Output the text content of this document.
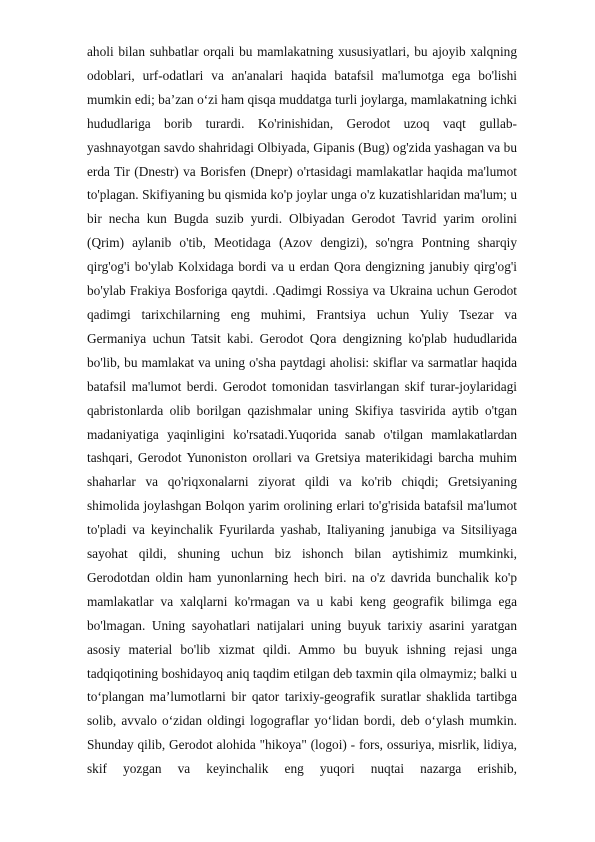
aholi bilan suhbatlar orqali bu mamlakatning xususiyatlari, bu ajoyib xalqning odoblari, urf-odatlari va an'analari haqida batafsil ma'lumotga ega bo'lishi mumkin edi; ba’zan o‘zi ham qisqa muddatga turli joylarga, mamlakatning ichki hududlariga borib turardi. Ko'rinishidan, Gerodot uzoq vaqt gullab-yashnayotgan savdo shahridagi Olbiyada, Gipanis (Bug) og'zida yashagan va bu erda Tir (Dnestr) va Borisfen (Dnepr) o'rtasidagi mamlakatlar haqida ma'lumot to'plagan. Skifiyaning bu qismida ko'p joylar unga o'z kuzatishlaridan ma'lum; u bir necha kun Bugda suzib yurdi. Olbiyadan Gerodot Tavrid yarim orolini (Qrim) aylanib o'tib, Meotidaga (Azov dengizi), so'ngra Pontning sharqiy qirg'og'i bo'ylab Kolxidaga bordi va u erdan Qora dengizning janubiy qirg'og'i bo'ylab Frakiya Bosforiga qaytdi. .Qadimgi Rossiya va Ukraina uchun Gerodot qadimgi tarixchilarning eng muhimi, Frantsiya uchun Yuliy Tsezar va Germaniya uchun Tatsit kabi. Gerodot Qora dengizning ko'plab hududlarida bo'lib, bu mamlakat va uning o'sha paytdagi aholisi: skiflar va sarmatlar haqida batafsil ma'lumot berdi. Gerodot tomonidan tasvirlangan skif turar-joylaridagi qabristonlarda olib borilgan qazishmalar uning Skifiya tasvirida aytib o'tgan madaniyatiga yaqinligini ko'rsatadi.Yuqorida sanab o'tilgan mamlakatlardan tashqari, Gerodot Yunoniston orollari va Gretsiya materikidagi barcha muhim shaharlar va qo'riqxonalarni ziyorat qildi va ko'rib chiqdi; Gretsiyaning shimolida joylashgan Bolqon yarim orolining erlari to'g'risida batafsil ma'lumot to'pladi va keyinchalik Fyurilarda yashab, Italiyaning janubiga va Sitsiliyaga sayohat qildi, shuning uchun biz ishonch bilan aytishimiz mumkinki, Gerodotdan oldin ham yunonlarning hech biri. na o'z davrida bunchalik ko'p mamlakatlar va xalqlarni ko'rmagan va u kabi keng geografik bilimga ega bo'lmagan. Uning sayohatlari natijalari uning buyuk tarixiy asarini yaratgan asosiy material bo'lib xizmat qildi. Ammo bu buyuk ishning rejasi unga tadqiqotining boshidayoq aniq taqdim etilgan deb taxmin qila olmaymiz; balki u to‘plangan ma’lumotlarni bir qator tarixiy-geografik suratlar shaklida tartibga solib, avvalo o‘zidan oldingi logograflar yo‘lidan bordi, deb o‘ylash mumkin. Shunday qilib, Gerodot alohida "hikoya" (logoi) - fors, ossuriya, misrlik, lidiya, skif yozgan va keyinchalik eng yuqori nuqtai nazarga erishib,
